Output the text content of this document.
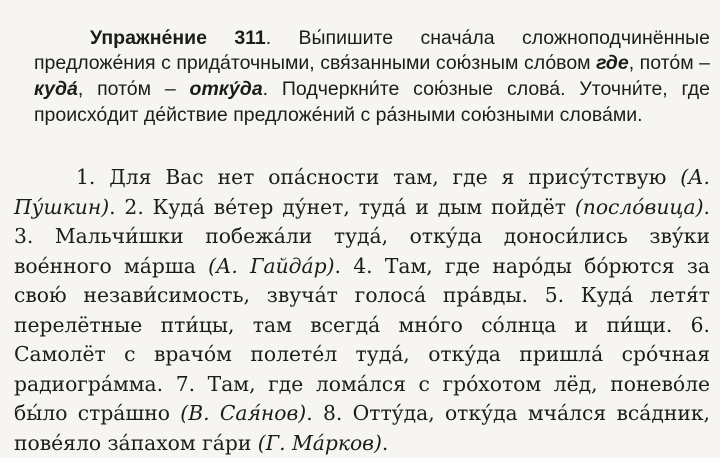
Упражне́ние 311. Вы́пишите снача́ла сложноподчинённые предложе́ния с прида́точными, свя́занными сою́зным сло́вом где, пото́м – куда́, пото́м – отку́да. Подчеркни́те сою́зные слова́. Уточни́те, где происхо́дит де́йствие предложе́ний с ра́зными сою́зными слова́ми.

1. Для Вас нет опа́сности там, где я прису́тствую (А. Пу́шкин). 2. Куда́ ве́тер ду́нет, туда́ и дым пойдёт (посло́вица). 3. Мальчи́шки побежа́ли туда́, отку́да доноси́лись зву́ки вое́нного ма́рша (А. Гайда́р). 4. Там, где наро́ды бо́рются за свою́ незави́симость, звуча́т голоса́ пра́вды. 5. Куда́ летя́т перелётные пти́цы, там всегда́ мно́го со́лнца и пи́щи. 6. Самолёт с врачо́м полете́л туда́, отку́да пришла́ сро́чная радиогра́мма. 7. Там, где лома́лся с гро́хотом лёд, понево́ле бы́ло стра́шно (В. Сая́нов). 8. Отту́да, отку́да мча́лся вса́дник, пове́яло за́пахом га́ри (Г. Ма́рков).
